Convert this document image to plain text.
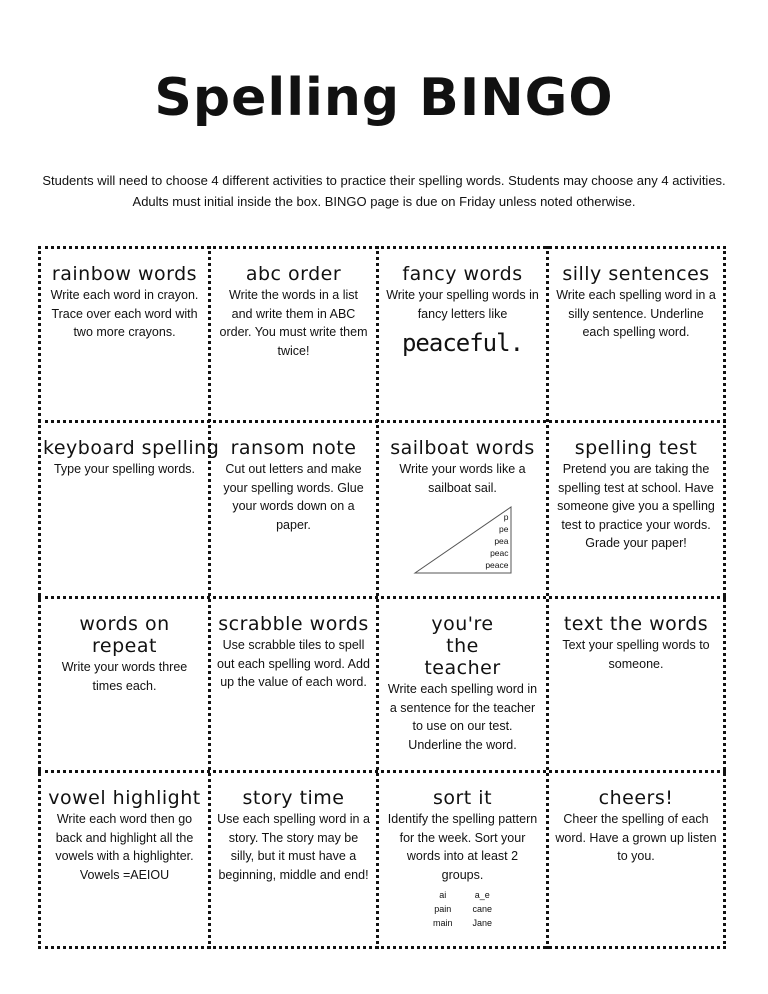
Spelling BINGO
Students will need to choose 4 different activities to practice their spelling words. Students may choose any 4 activities. Adults must initial inside the box. BINGO page is due on Friday unless noted otherwise.
rainbow words
Write each word in crayon. Trace over each word with two more crayons.
abc order
Write the words in a list and write them in ABC order. You must write them twice!
fancy words
Write your spelling words in fancy letters like
peaceful.
silly sentences
Write each spelling word in a silly sentence. Underline each spelling word.
keyboard spelling
Type your spelling words.
ransom note
Cut out letters and make your spelling words. Glue your words down on a paper.
sailboat words
Write your words like a sailboat sail.
p
pe
pea
peac
peace
spelling test
Pretend you are taking the spelling test at school. Have someone give you a spelling test to practice your words. Grade your paper!
words on repeat
Write your words three times each.
scrabble words
Use scrabble tiles to spell out each spelling word. Add up the value of each word.
you're the teacher
Write each spelling word in a sentence for the teacher to use on our test. Underline the word.
text the words
Text your spelling words to someone.
vowel highlight
Write each word then go back and highlight all the vowels with a highlighter. Vowels =AEIOU
story time
Use each spelling word in a story. The story may be silly, but it must have a beginning, middle and end!
sort it
Identify the spelling pattern for the week. Sort your words into at least 2 groups.
ai
pain
main
a_e
cane
Jane
cheers!
Cheer the spelling of each word. Have a grown up listen to you.
